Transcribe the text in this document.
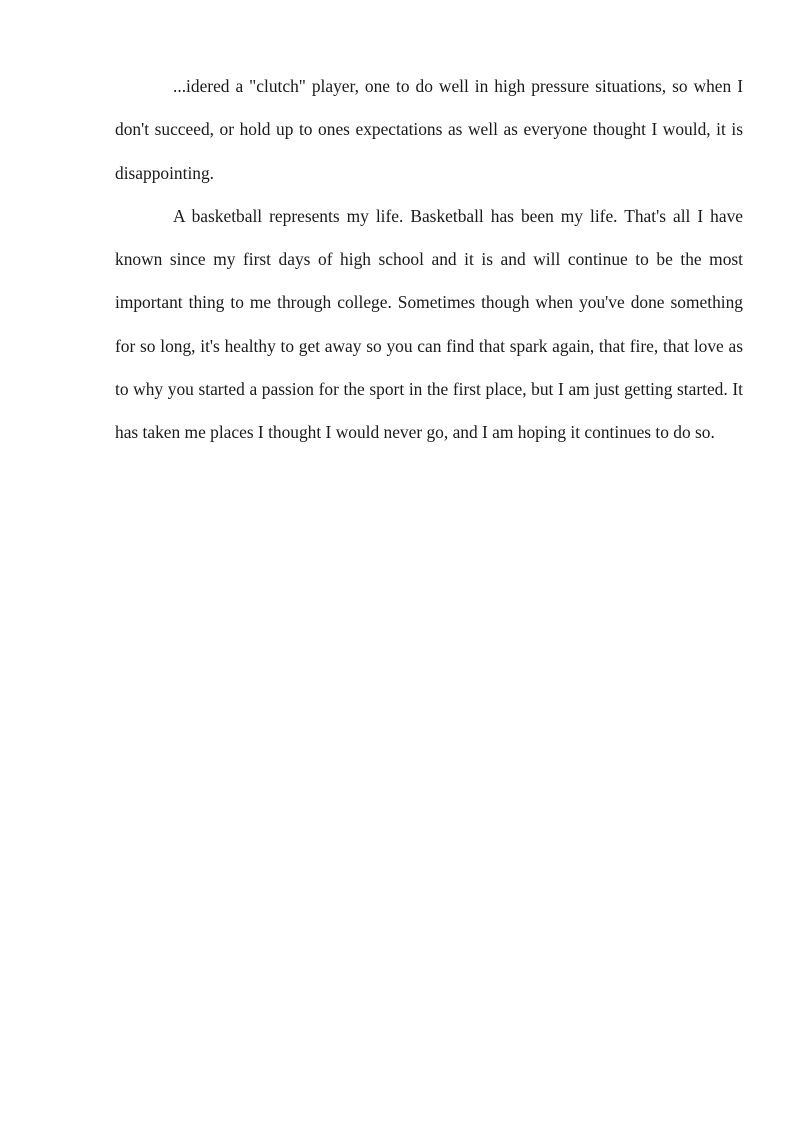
...idered a "clutch" player, one to do well in high pressure situations, so when I don't succeed, or hold up to ones expectations as well as everyone thought I would, it is disappointing.

A basketball represents my life. Basketball has been my life. That's all I have known since my first days of high school and it is and will continue to be the most important thing to me through college. Sometimes though when you've done something for so long, it's healthy to get away so you can find that spark again, that fire, that love as to why you started a passion for the sport in the first place, but I am just getting started. It has taken me places I thought I would never go, and I am hoping it continues to do so.
